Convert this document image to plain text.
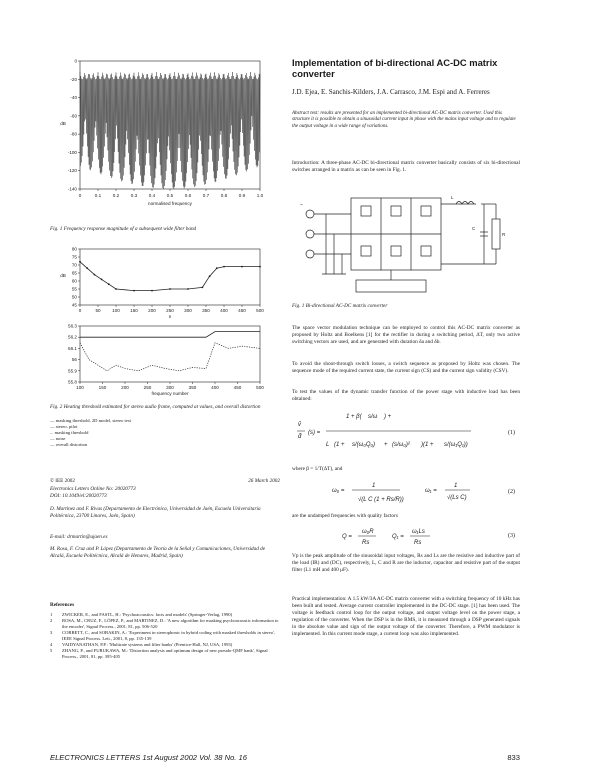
0	0.1	0.2	0.3	0.4	0.5	0.6	0.7	0.8	0.9	1.0
0
-20
-40
-60
-80
-100
-120
-140
normalised frequency
dB
Fig. 1 Frequency response magnitude of a subsequent wide filter band
0	50	100 150 200 250 300 350 400 450 500
80
75
70
65
60
55
50
45
n
dB
100	150	200	250	300	350	400	450	500
56.3
56.2
56.1
56
55.9
55.8
frequency number
Fig. 2 Heating threshold estimated for stereo audio frame, computed at values, and overall distortion
— masking threshold, 2D model, stereo test
— stereo, pilot
... masking threshold
— noise
— overall distortion
© IEE 2002	26 March 2002
Electronics Letters Online No: 20020773
DOI: 10.1049/el:20020773
D. Martinez and F. Rivas (Departamento de Electrónica, Universidad de Jaén, Escuela Universitaria Politécnica, 23700 Linares, Jaén, Spain)
E-mail: drmartin@ujaen.es
M. Rosa, F. Cruz and P. López (Departamento de Teoría de la Señal y Comunicaciones, Universidad de Alcalá, Escuela Politécnica, Alcalá de Henares, Madrid, Spain)
References
1	ZWICKER, E., and FASTL, H.: 'Psychoacoustics: facts and models' (Springer-Verlag, 1990)
2	ROSA, M., CRUZ, F., LÓPEZ, P., and MARTINEZ, D.: 'A new algorithm for masking psychoacoustic information to the encoder', Signal Process., 2001, 81, pp. 506-520
3	CORBETT, C., and SOBAKIN, A.: 'Experiment in stereophonic in hybrid coding with masked thresholds in stereo', IEEE Signal Process. Lett., 2001, 8, pp. 135-139
4	VAIDYANATHAN, P.P.: 'Multirate systems and filter banks' (Prentice-Hall, NJ, USA, 1993)
5	ZHANG, P., and FURUKAWA, M.: 'Distortion analysis and optimum design of new pseudo-QMF bank', Signal Process., 2001, 81, pp. 395-405
Implementation of bi-directional AC-DC matrix converter
J.D. Ejea, E. Sanchis-Kilders, J.A. Carrasco, J.M. Espi and A. Ferreres
Abstract text: results are presented for an implemented bi-directional AC-DC matrix converter. Used this structure it is possible to obtain a sinusoidal current input in phase with the mains input voltage and to regulate the output voltage in a wide range of variations.
Introduction: A three-phase AC-DC bi-directional matrix converter basically consists of six bi-directional switches arranged in a matrix as can be seen in Fig. 1.
~
L
C
R
Fig. 1 Bi-directional AC-DC matrix converter
The space vector modulation technique can be employed to control this AC-DC matrix converter as proposed by Holtz and Boelkens [1] for the rectifier in during a switching period, ΔT, only two active switching vectors are used, and are generated with duration δa and δb.
To avoid the shoot-through switch losses, a switch sequence as proposed by Holtz was chosen. The sequence mode of the required current state, the current sign (CS) and the current sign validity (CSV).
To test the values of the dynamic transfer function of the power stage with inductive load has been obtained:
v̂
d̂
(s) =
1 + β( s/ω ) +
L (1 + s/(ω₀Q₀) + (s/ω₀)² )(1 + s/(ω₁Q₁))
(1)
where β = 1/T(ΔT), and
ω₀ =
1
√(L C (1 + Rs/R))
ω₁ =
1
√(Ls C)
(2)
are the undamped frequencies with quality factors
Q =
ω₀R
Rs
Q₁ =
ω₁Ls
Rs
(3)
Vp is the peak amplitude of the sinusoidal input voltages, Rs and Ls are the resistive and inductive part of the load (IR) and (DC), respectively, L, C and R are the inductor, capacitor and resistive part of the output filter (L1 mH and 400 μF).
Practical implementation: A 1.5 kW/3A AC-DC matrix converter with a switching frequency of 10 kHz has been built and tested. Average current controller implemented in the DC-DC stage. [1] has been used. The voltage is feedback control loop for the output voltage, and output voltage level on the power stage, a regulation of the converter. When the DSP is in the RMS, it is measured through a DSP generated signals in the absolute value and sign of the output voltage of the converter. Therefore, a PWM modulator is implemented. In this current mode stage, a current loop was also implemented.
ELECTRONICS LETTERS 1st August 2002 Vol. 38 No. 16	833
